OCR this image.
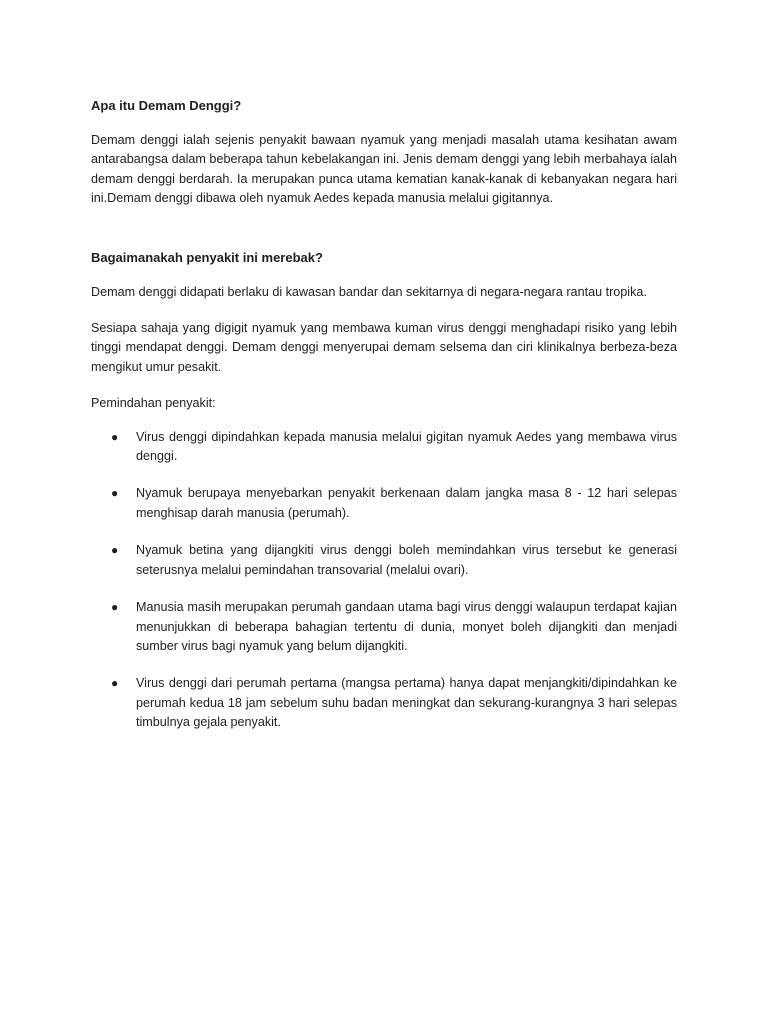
Apa itu Demam Denggi?

Demam denggi ialah sejenis penyakit bawaan nyamuk yang menjadi masalah utama kesihatan awam antarabangsa dalam beberapa tahun kebelakangan ini. Jenis demam denggi yang lebih merbahaya ialah demam denggi berdarah. Ia merupakan punca utama kematian kanak-kanak di kebanyakan negara hari ini.Demam denggi dibawa oleh nyamuk Aedes kepada manusia melalui gigitannya.

Bagaimanakah penyakit ini merebak?

Demam denggi didapati berlaku di kawasan bandar dan sekitarnya di negara-negara rantau tropika.

Sesiapa sahaja yang digigit nyamuk yang membawa kuman virus denggi menghadapi risiko yang lebih tinggi mendapat denggi. Demam denggi menyerupai demam selsema dan ciri klinikalnya berbeza-beza mengikut umur pesakit.

Pemindahan penyakit:

● Virus denggi dipindahkan kepada manusia melalui gigitan nyamuk Aedes yang membawa virus denggi.
● Nyamuk berupaya menyebarkan penyakit berkenaan dalam jangka masa 8 - 12 hari selepas menghisap darah manusia (perumah).
● Nyamuk betina yang dijangkiti virus denggi boleh memindahkan virus tersebut ke generasi seterusnya melalui pemindahan transovarial (melalui ovari).
● Manusia masih merupakan perumah gandaan utama bagi virus denggi walaupun terdapat kajian menunjukkan di beberapa bahagian tertentu di dunia, monyet boleh dijangkiti dan menjadi sumber virus bagi nyamuk yang belum dijangkiti.
● Virus denggi dari perumah pertama (mangsa pertama) hanya dapat menjangkiti/dipindahkan ke perumah kedua 18 jam sebelum suhu badan meningkat dan sekurang-kurangnya 3 hari selepas timbulnya gejala penyakit.
